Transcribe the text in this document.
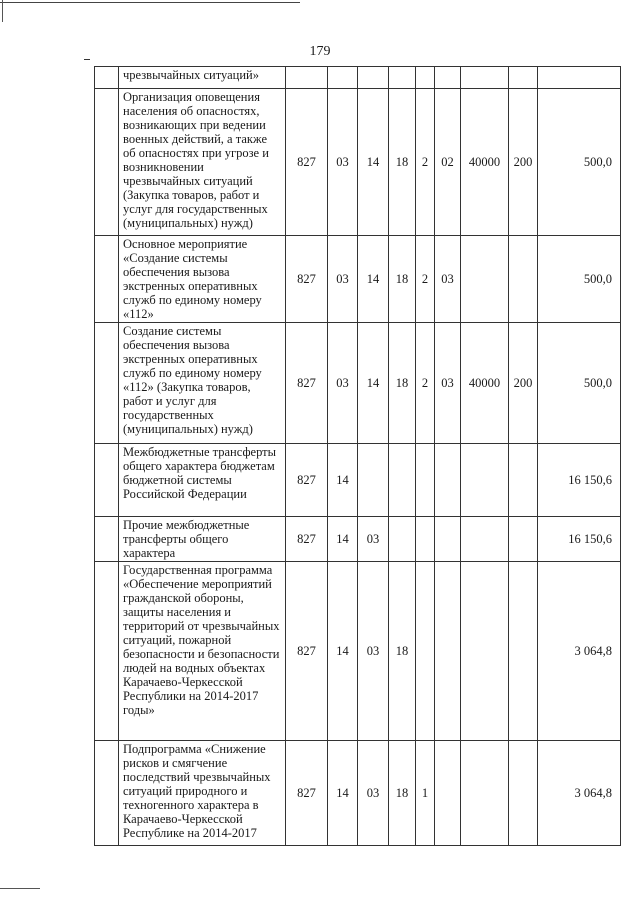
179
	чрезвычайных ситуаций»									
	Организация оповещения населения об опасностях, возникающих при ведении военных действий, а также об опасностях при угрозе и возникновении чрезвычайных ситуаций (Закупка товаров, работ и услуг для государственных (муниципальных) нужд)	827	03	14	18	2	02	40000	200	500,0
	Основное мероприятие «Создание системы обеспечения вызова экстренных оперативных служб по единому номеру «112»	827	03	14	18	2	03			500,0
	Создание системы обеспечения вызова экстренных оперативных служб по единому номеру «112» (Закупка товаров, работ и услуг для государственных (муниципальных) нужд)	827	03	14	18	2	03	40000	200	500,0
	Межбюджетные трансферты общего характера бюджетам бюджетной системы Российской Федерации	827	14							16 150,6
	Прочие межбюджетные трансферты общего характера	827	14	03						16 150,6
	Государственная программа «Обеспечение мероприятий гражданской обороны, защиты населения и территорий от чрезвычайных ситуаций, пожарной безопасности и безопасности людей на водных объектах Карачаево-Черкесской Республики на 2014-2017 годы»	827	14	03	18					3 064,8
	Подпрограмма «Снижение рисков и смягчение последствий чрезвычайных ситуаций природного и техногенного характера в Карачаево-Черкесской Республике на 2014-2017	827	14	03	18	1				3 064,8
